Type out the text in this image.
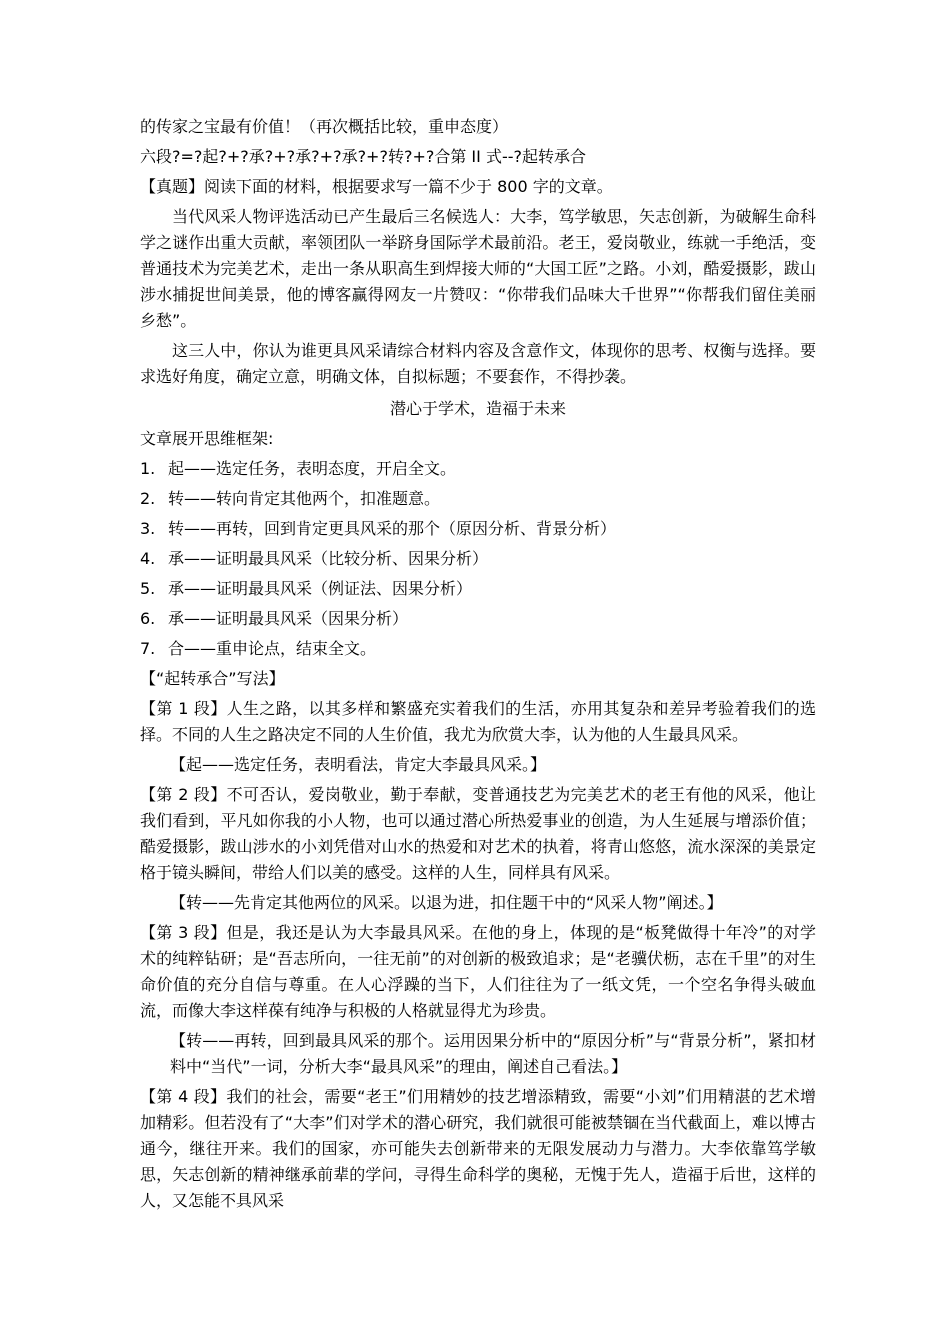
的传家之宝最有价值！（再次概括比较，重申态度）
六段?=?起?+?承?+?承?+?承?+?转?+?合第 II 式--?起转承合
【真题】阅读下面的材料，根据要求写一篇不少于 800 字的文章。
当代风采人物评选活动已产生最后三名候选人：大李，笃学敏思，矢志创新，为破解生命科学之谜作出重大贡献，率领团队一举跻身国际学术最前沿。老王，爱岗敬业，练就一手绝活，变普通技术为完美艺术，走出一条从职高生到焊接大师的“大国工匠”之路。小刘，酷爱摄影，跋山涉水捕捉世间美景，他的博客赢得网友一片赞叹：“你带我们品味大千世界”“你帮我们留住美丽乡愁”。
这三人中，你认为谁更具风采请综合材料内容及含意作文，体现你的思考、权衡与选择。要求选好角度，确定立意，明确文体，自拟标题；不要套作，不得抄袭。
潜心于学术，造福于未来
文章展开思维框架:
1. 起——选定任务，表明态度，开启全文。
2. 转——转向肯定其他两个，扣准题意。
3. 转——再转，回到肯定更具风采的那个（原因分析、背景分析）
4. 承——证明最具风采（比较分析、因果分析）
5. 承——证明最具风采（例证法、因果分析）
6. 承——证明最具风采（因果分析）
7. 合——重申论点，结束全文。
【“起转承合”写法】
【第 1 段】人生之路，以其多样和繁盛充实着我们的生活，亦用其复杂和差异考验着我们的选择。不同的人生之路决定不同的人生价值，我尤为欣赏大李，认为他的人生最具风采。
【起——选定任务，表明看法，肯定大李最具风采。】
【第 2 段】不可否认，爱岗敬业，勤于奉献，变普通技艺为完美艺术的老王有他的风采，他让我们看到，平凡如你我的小人物，也可以通过潜心所热爱事业的创造，为人生延展与增添价值；酷爱摄影，跋山涉水的小刘凭借对山水的热爱和对艺术的执着，将青山悠悠，流水深深的美景定格于镜头瞬间，带给人们以美的感受。这样的人生，同样具有风采。
【转——先肯定其他两位的风采。以退为进，扣住题干中的“风采人物”阐述。】
【第 3 段】但是，我还是认为大李最具风采。在他的身上，体现的是“板凳做得十年冷”的对学术的纯粹钻研；是“吾志所向，一往无前”的对创新的极致追求；是“老骥伏枥，志在千里”的对生命价值的充分自信与尊重。在人心浮躁的当下，人们往往为了一纸文凭，一个空名争得头破血流，而像大李这样葆有纯净与积极的人格就显得尤为珍贵。
【转——再转，回到最具风采的那个。运用因果分析中的“原因分析”与“背景分析”，紧扣材料中“当代”一词，分析大李“最具风采”的理由，阐述自己看法。】
【第 4 段】我们的社会，需要“老王”们用精妙的技艺增添精致，需要“小刘”们用精湛的艺术增加精彩。但若没有了“大李”们对学术的潜心研究，我们就很可能被禁锢在当代截面上，难以博古通今，继往开来。我们的国家，亦可能失去创新带来的无限发展动力与潜力。大李依靠笃学敏思，矢志创新的精神继承前辈的学问，寻得生命科学的奥秘，无愧于先人，造福于后世，这样的人，又怎能不具风采
